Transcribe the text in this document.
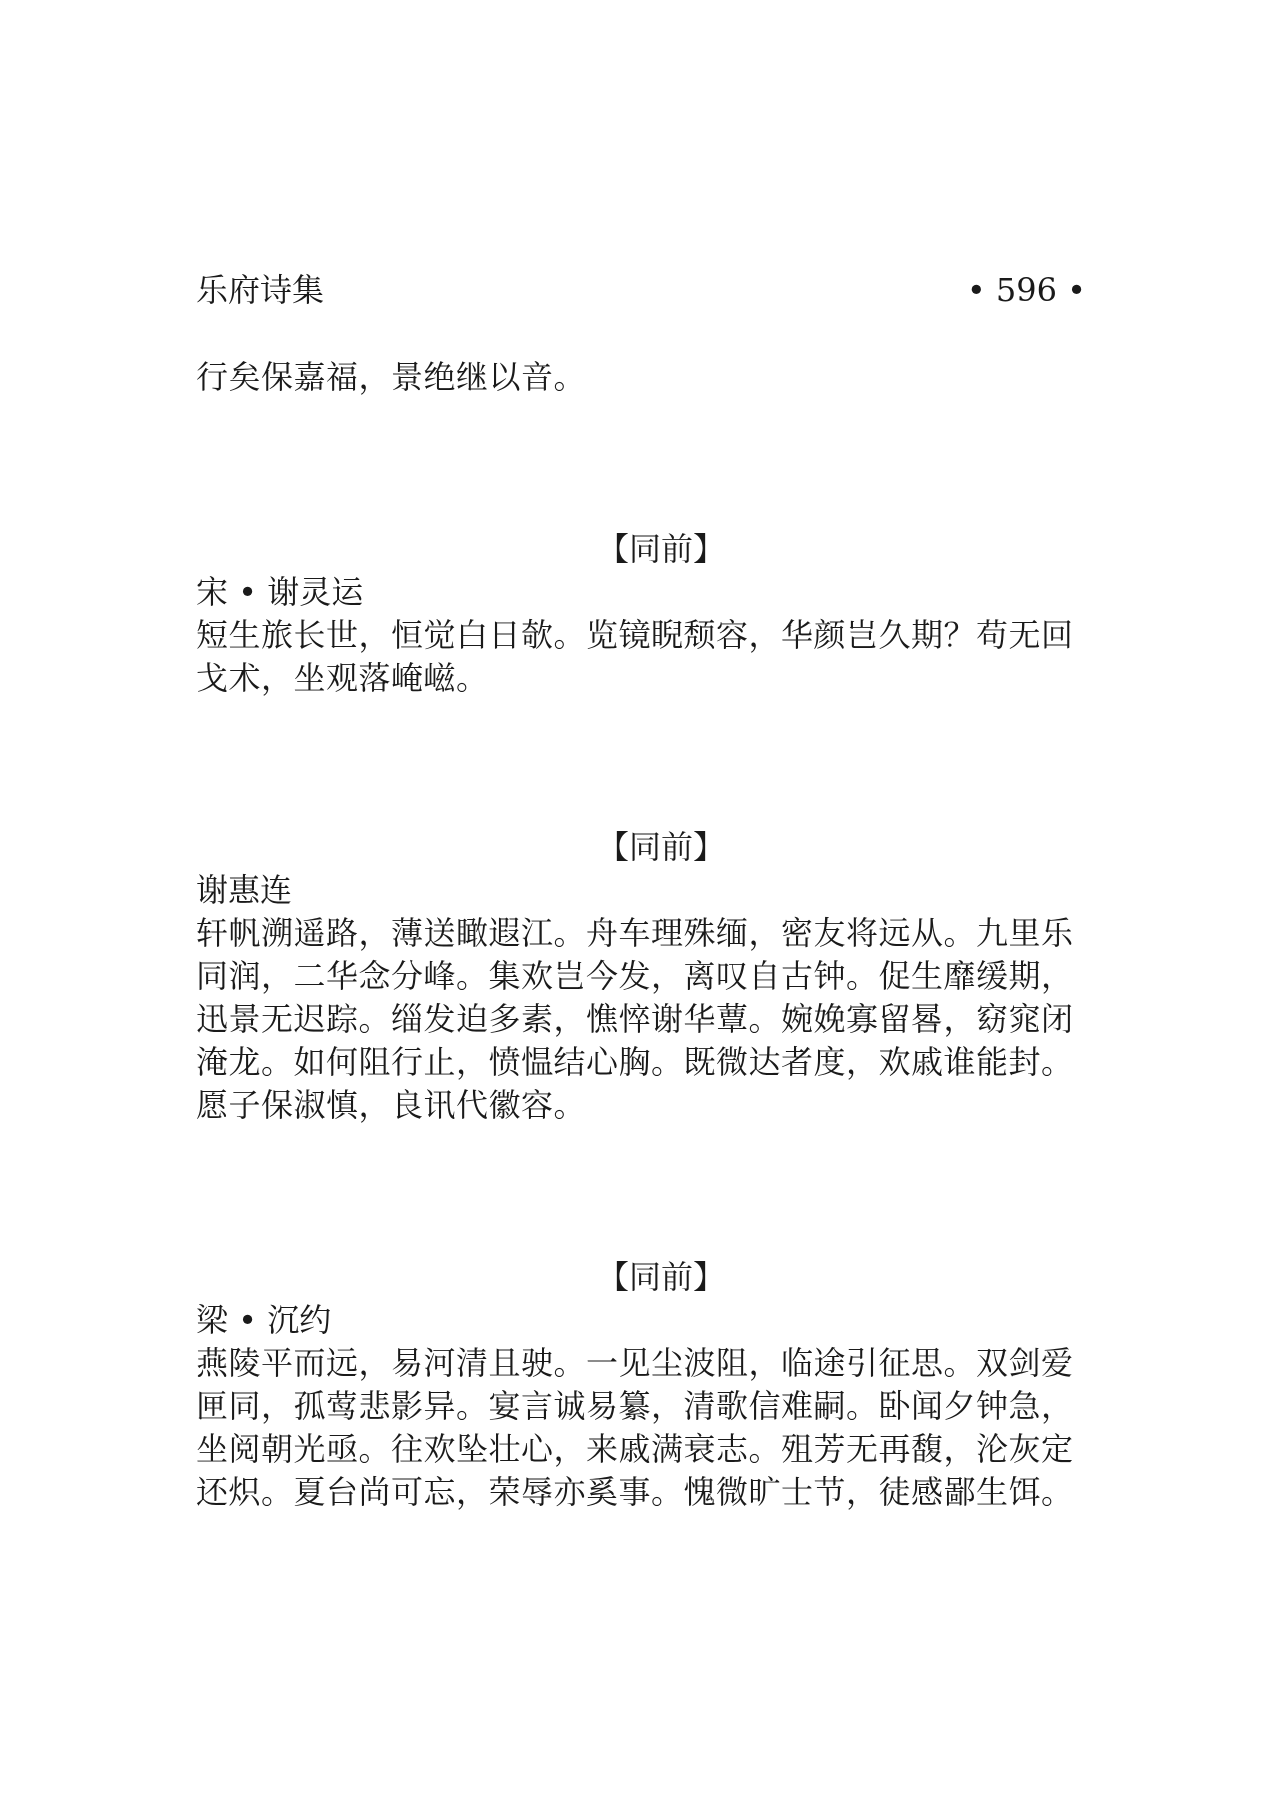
乐府诗集	• 596 •

行矣保嘉福，景绝继以音。

【同前】

宋 • 谢灵运

短生旅长世，恒觉白日欹。览镜睨颓容，华颜岂久期？苟无回
戈术，坐观落崦嵫。

【同前】

谢惠连

轩帆溯遥路，薄送瞰遐江。舟车理殊缅，密友将远从。九里乐
同润，二华念分峰。集欢岂今发，离叹自古钟。促生靡缓期，
迅景无迟踪。缁发迫多素，憔悴谢华蕈。婉娩寡留晷，窈窕闭
淹龙。如何阻行止，愤愠结心胸。既微达者度，欢戚谁能封。
愿子保淑慎，良讯代徽容。

【同前】

梁 • 沉约

燕陵平而远，易河清且驶。一见尘波阻，临途引征思。双剑爱
匣同，孤莺悲影异。宴言诚易纂，清歌信难嗣。卧闻夕钟急，
坐阅朝光亟。往欢坠壮心，来戚满衰志。殂芳无再馥，沦灰定
还炽。夏台尚可忘，荣辱亦奚事。愧微旷士节，徒感鄙生饵。
